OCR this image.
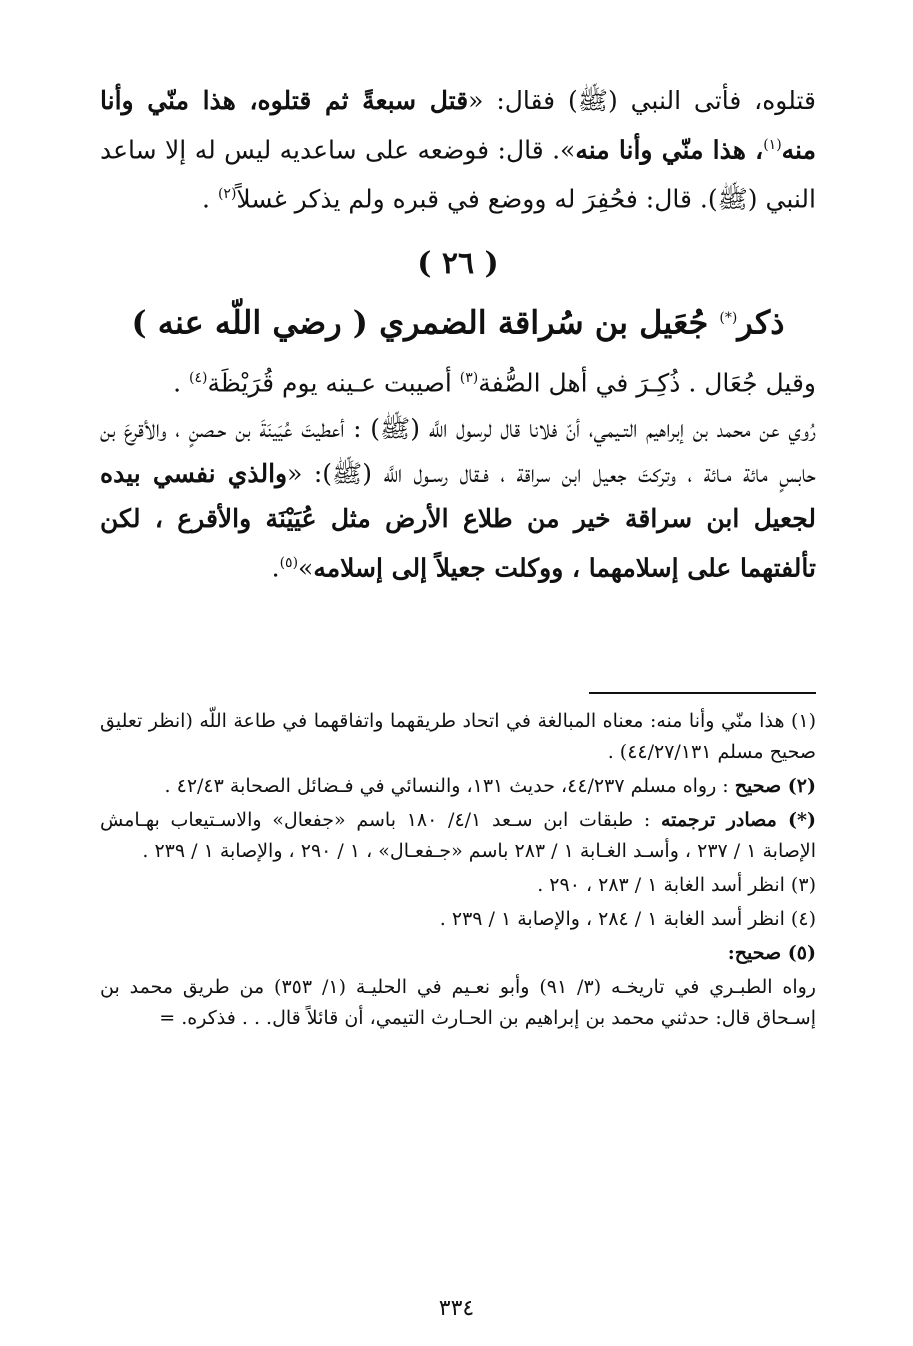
قتلوه، فأتى النبي (ﷺ) فقال: «قتل سبعةً ثم قتلوه، هذا منّي وأنا منه$^{(١)}$، هذا منّي وأنا منه». قال: فوضعه على ساعديه ليس له إلا ساعد النبي (ﷺ). قال: فحُفِرَ له ووضع في قبره ولم يذكر غسلاً$^{(٢)}$ .

( ٢٦ )
ذكر(*) جُعَيل بن سُراقة الضمري ( رضي اللّه عنه )

وقيل جُعَال . ذُكِـرَ في أهل الصُّفة$^{(٣)}$ أصيبت عـينه يوم قُرَيْظَة$^{(٤)}$ .

رُوي عن محمد بن إبراهيم التـيمي، أنّ فلانا قال لرسول اللَّه (ﷺ) : أعطيتَ عُيَينَةَ بن حـصنٍ ، والأقرعَ بن حابسٍ مائة مـائة ، وتركتَ جعيل ابن سراقة ، فـقال رسـول اللَّه (ﷺ): «والذي نفسي بيده لجعيل ابن سراقة خير من طلاع الأرض مثل عُيَيْنَة والأقرع ، لكن تألفتهما على إسلامهما ، ووكلت جعيلاً إلى إسلامه»$^{(٥)}$.

(١) هذا منّي وأنا منه: معناه المبالغة في اتحاد طريقهما واتفاقهما في طاعة اللّه (انظر تعليق صحيح مسلم ٤٤/٢٧/١٣١) .

(٢) صحيح : رواه مسلم ٤٤/٢٣٧، حديث ١٣١، والنسائي في فـضائل الصحابة ٤٢/٤٣ .

(*) مصادر ترجمته : طبقات ابن سـعد ٤/١/ ١٨٠ باسم «جفعال» والاسـتيعاب بهـامش الإصابة ١ / ٢٣٧ ، وأسـد الغـابة ١ / ٢٨٣ باسم «جـفعـال» ، ١ / ٢٩٠ ، والإصابة ١ / ٢٣٩ .

(٣) انظر أسد الغابة ١ / ٢٨٣ ، ٢٩٠ .

(٤) انظر أسد الغابة ١ / ٢٨٤ ، والإصابة ١ / ٢٣٩ .

(٥) صحيح:

رواه الطبـري في تاريخـه (٣/ ٩١) وأبو نعـيم في الحليـة (١/ ٣٥٣) من طريق محمد بن إسـحاق قال: حدثني محمد بن إبراهيم بن الحـارث التيمي، أن قائلاً قال. . . فذكره. =

٣٣٤
